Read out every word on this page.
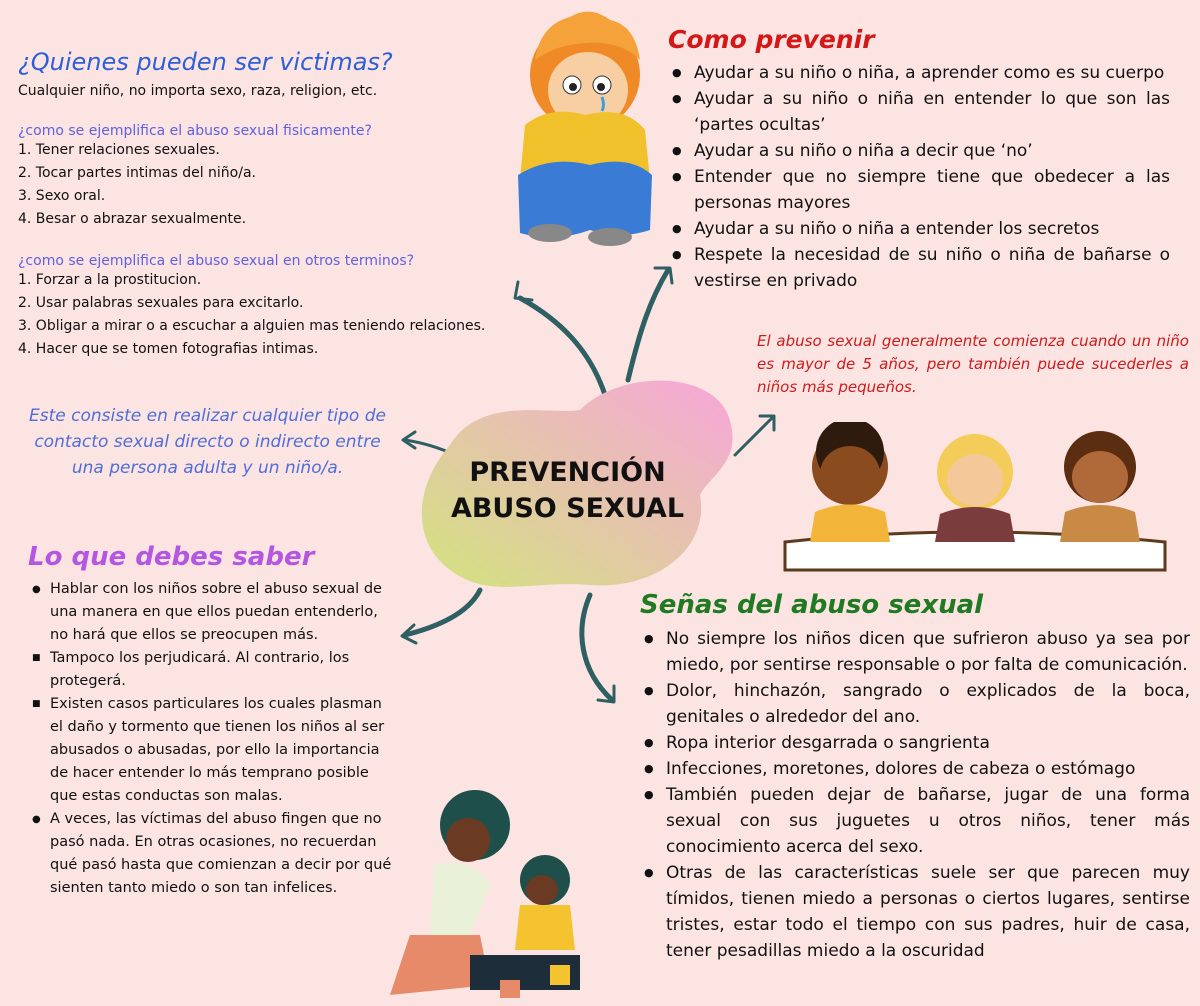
PREVENCIÓN
ABUSO SEXUAL
¿Quienes pueden ser victimas?
Cualquier niño, no importa sexo, raza, religion, etc.
¿como se ejemplifica el abuso sexual fisicamente?
1. Tener relaciones sexuales.
2. Tocar partes intimas del niño/a.
3. Sexo oral.
4. Besar o abrazar sexualmente.
¿como se ejemplifica el abuso sexual en otros terminos?
1. Forzar a la prostitucion.
2. Usar palabras sexuales para excitarlo.
3. Obligar a mirar o a escuchar a alguien mas teniendo relaciones.
4. Hacer que se tomen fotografias intimas.
Este consiste en realizar cualquier tipo de contacto sexual directo o indirecto entre una persona adulta y un niño/a.
Como prevenir
● Ayudar a su niño o niña, a aprender como es su cuerpo
● Ayudar a su niño o niña en entender lo que son las ‘partes ocultas’
● Ayudar a su niño o niña a decir que ‘no’
● Entender que no siempre tiene que obedecer a las personas mayores
● Ayudar a su niño o niña a entender los secretos
● Respete la necesidad de su niño o niña de bañarse o vestirse en privado
El abuso sexual generalmente comienza cuando un niño es mayor de 5 años, pero también puede sucederles a niños más pequeños.
Lo que debes saber
● Hablar con los niños sobre el abuso sexual de una manera en que ellos puedan entenderlo, no hará que ellos se preocupen más.
■ Tampoco los perjudicará. Al contrario, los protegerá.
■ Existen casos particulares los cuales plasman el daño y tormento que tienen los niños al ser abusados o abusadas, por ello la importancia de hacer entender lo más temprano posible que estas conductas son malas.
● A veces, las víctimas del abuso fingen que no pasó nada. En otras ocasiones, no recuerdan qué pasó hasta que comienzan a decir por qué sienten tanto miedo o son tan infelices.
Señas del abuso sexual
● No siempre los niños dicen que sufrieron abuso ya sea por miedo, por sentirse responsable o por falta de comunicación.
● Dolor, hinchazón, sangrado o explicados de la boca, genitales o alrededor del ano.
● Ropa interior desgarrada o sangrienta
● Infecciones, moretones, dolores de cabeza o estómago
● También pueden dejar de bañarse, jugar de una forma sexual con sus juguetes u otros niños, tener más conocimiento acerca del sexo.
● Otras de las características suele ser que parecen muy tímidos, tienen miedo a personas o ciertos lugares, sentirse tristes, estar todo el tiempo con sus padres, huir de casa, tener pesadillas miedo a la oscuridad
